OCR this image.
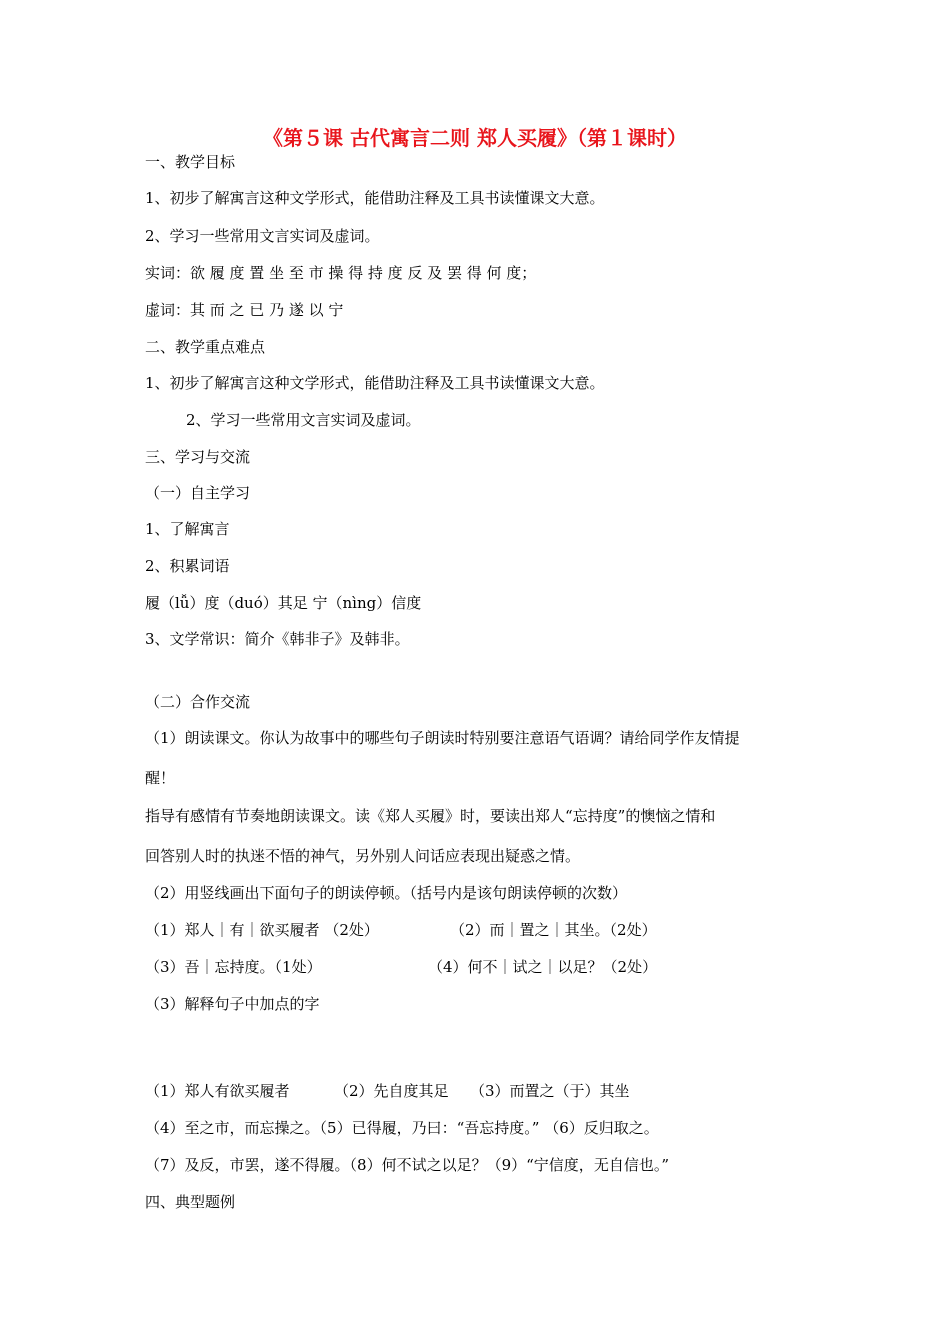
《第５课 古代寓言二则 郑人买履》（第１课时）
一、教学目标
1、初步了解寓言这种文学形式，能借助注释及工具书读懂课文大意。
2、学习一些常用文言实词及虚词。
实词：欲 履 度 置 坐 至 市 操 得 持 度 反 及 罢 得 何 度；
虚词：其 而 之 已 乃 遂 以 宁
二、教学重点难点
1、初步了解寓言这种文学形式，能借助注释及工具书读懂课文大意。
2、学习一些常用文言实词及虚词。
三、学习与交流
（一）自主学习
1、了解寓言
2、积累词语
履（lǚ）度（duó）其足 宁（nìng）信度
3、文学常识：简介《韩非子》及韩非。
（二）合作交流
（1）朗读课文。你认为故事中的哪些句子朗读时特别要注意语气语调？请给同学作友情提
醒！
指导有感情有节奏地朗读课文。读《郑人买履》时，要读出郑人“忘持度”的懊恼之情和
回答别人时的执迷不悟的神气，另外别人问话应表现出疑惑之情。
（2）用竖线画出下面句子的朗读停顿。（括号内是该句朗读停顿的次数）
（1）郑人｜有｜欲买履者 （2处）	（2）而｜置之｜其坐。（2处）
（3）吾｜忘持度。（1处）	（4）何不｜试之｜以足？（2处）
（3）解释句子中加点的字
（1）郑人有欲买履者	（2）先自度其足 （3）而置之（于）其坐
（4）至之市，而忘操之。（5）已得履，乃曰：“吾忘持度。” （6）反归取之。
（7）及反，市罢，遂不得履。（8）何不试之以足？（9）“宁信度，无自信也。”
四、典型题例
